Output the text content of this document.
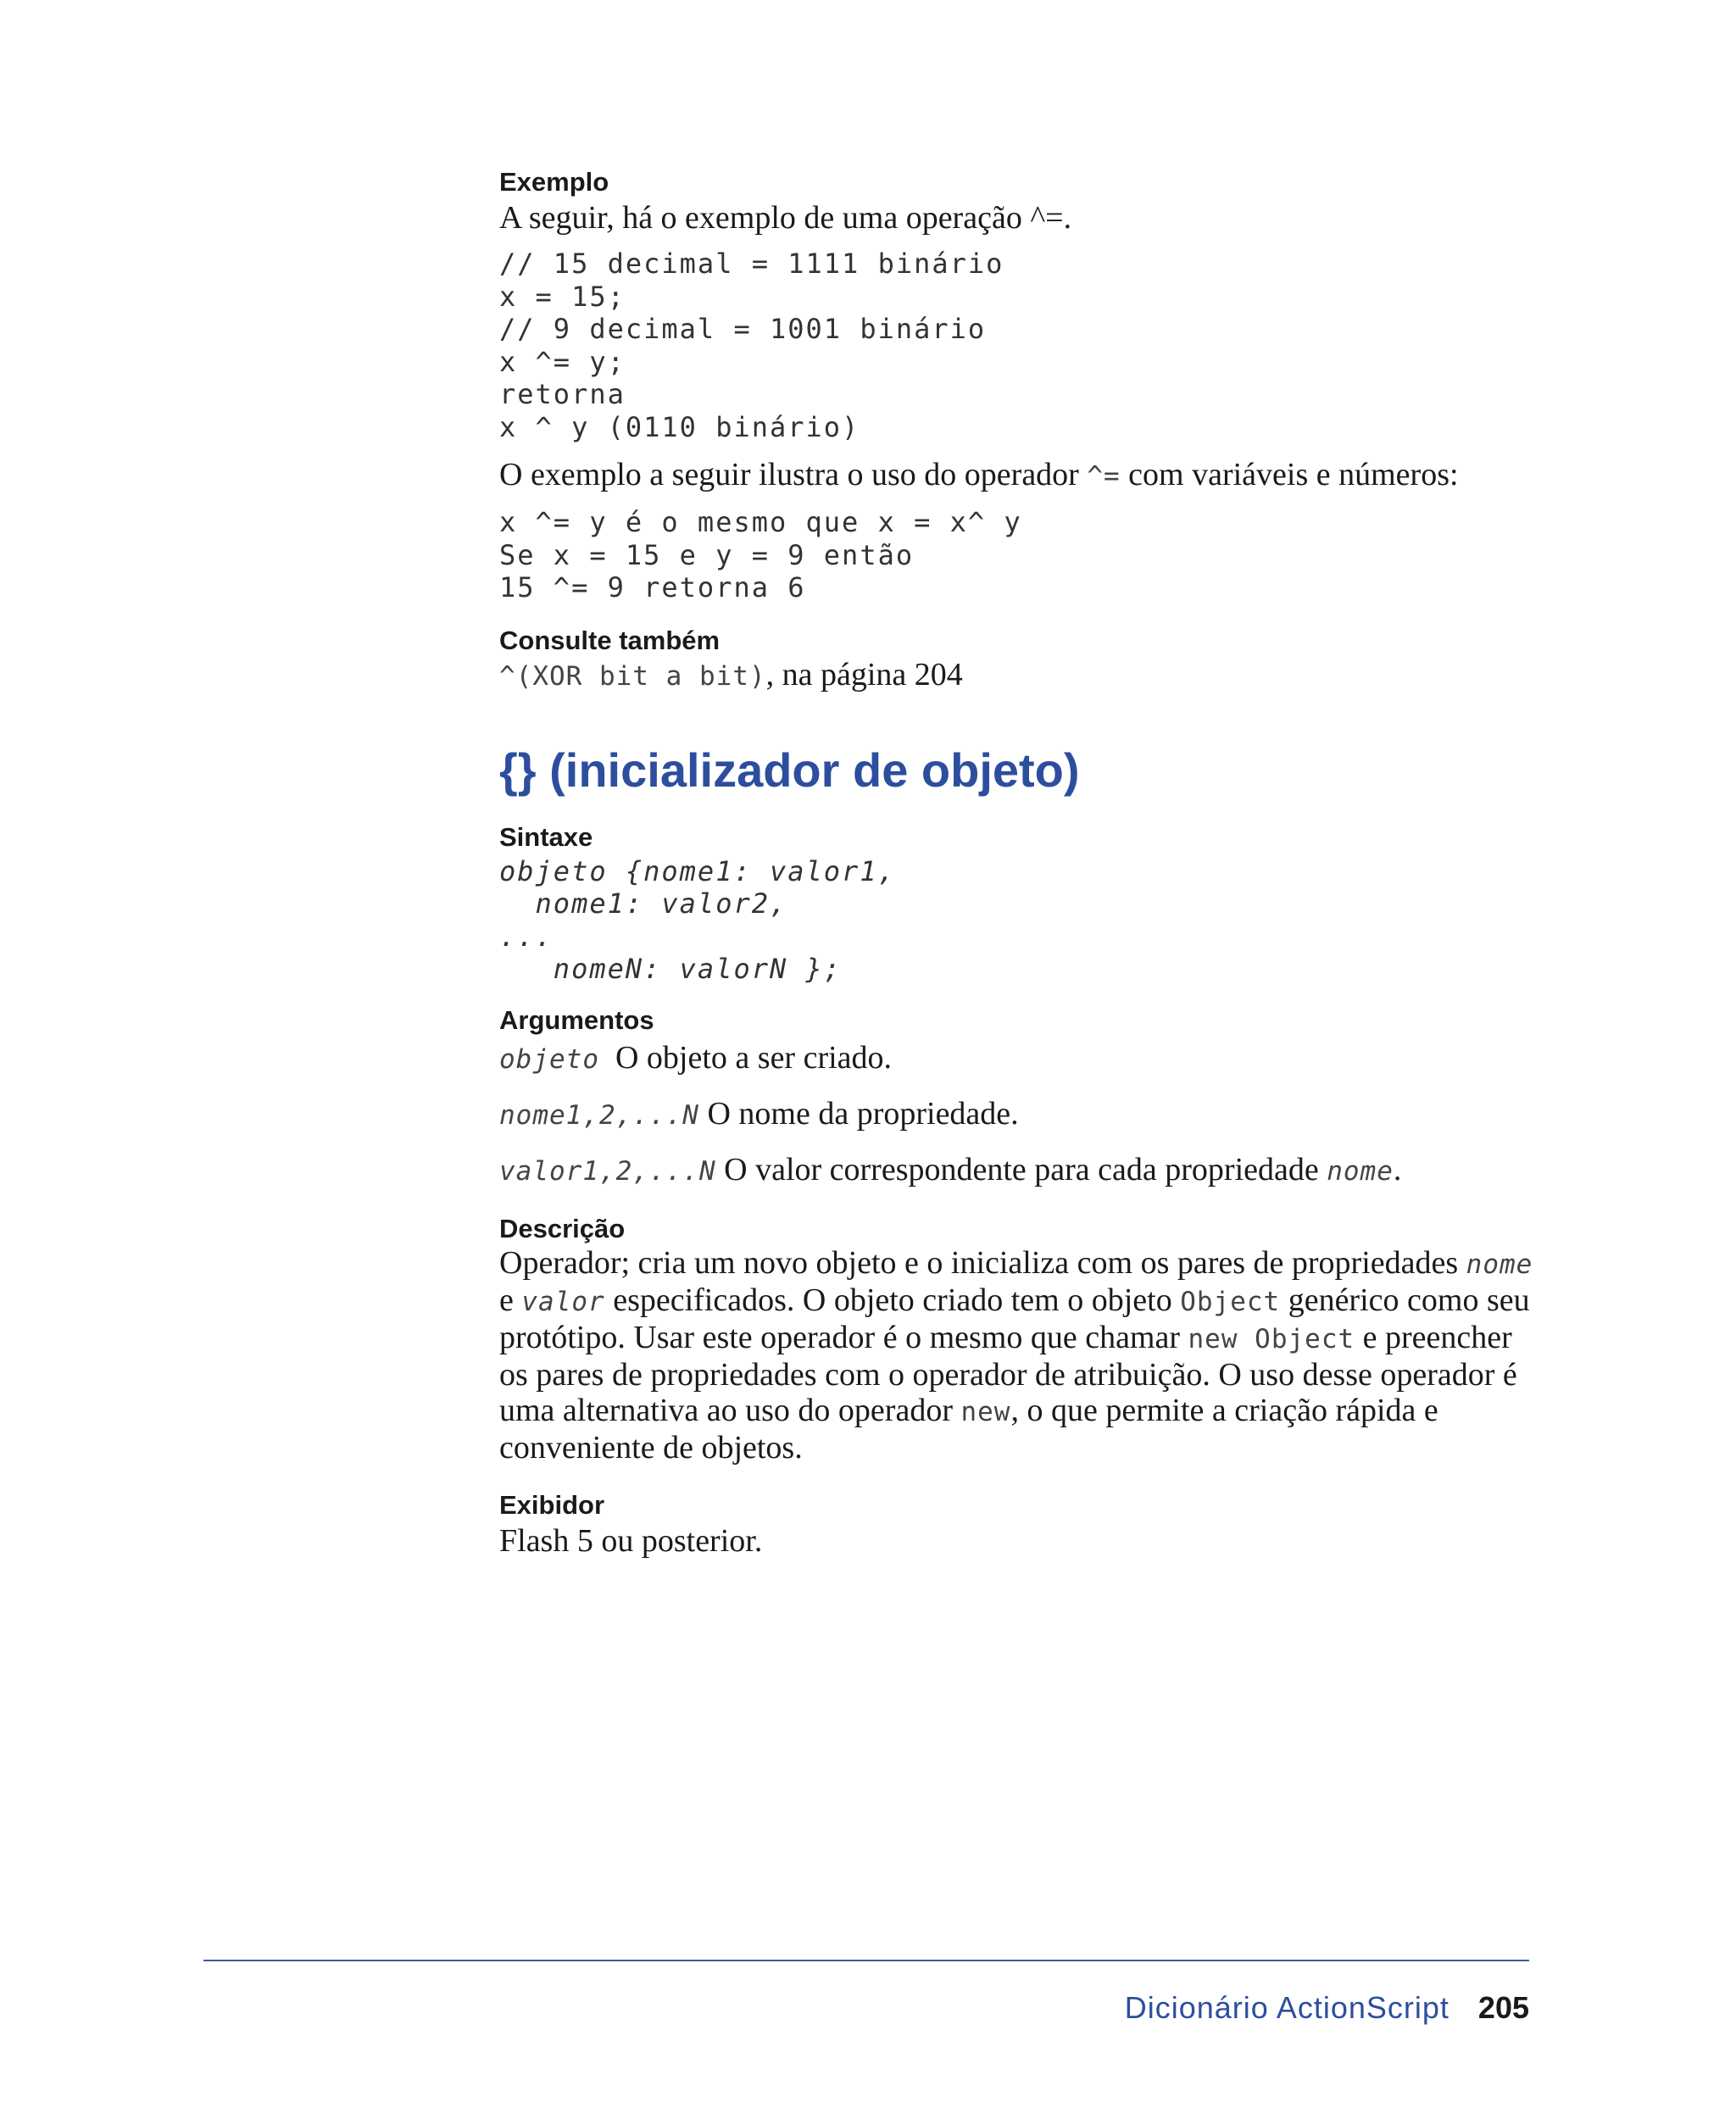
Exemplo
A seguir, há o exemplo de uma operação ^=.
// 15 decimal = 1111 binário
x = 15;
// 9 decimal = 1001 binário
x ^= y;
retorna
x ^ y (0110 binário)
O exemplo a seguir ilustra o uso do operador ^= com variáveis e números:
x ^= y é o mesmo que x = x^ y
Se x = 15 e y = 9 então
15 ^= 9 retorna 6
Consulte também
^(XOR bit a bit), na página 204
{} (inicializador de objeto)
Sintaxe
objeto {nome1: valor1,
nome1: valor2,
...
nomeN: valorN };
Argumentos
objeto O objeto a ser criado.
nome1,2,...N O nome da propriedade.
valor1,2,...N O valor correspondente para cada propriedade nome.
Descrição
Operador; cria um novo objeto e o inicializa com os pares de propriedades nome e valor especificados. O objeto criado tem o objeto Object genérico como seu protótipo. Usar este operador é o mesmo que chamar new Object e preencher os pares de propriedades com o operador de atribuição. O uso desse operador é uma alternativa ao uso do operador new, o que permite a criação rápida e conveniente de objetos.
Exibidor
Flash 5 ou posterior.
Dicionário ActionScript 205
